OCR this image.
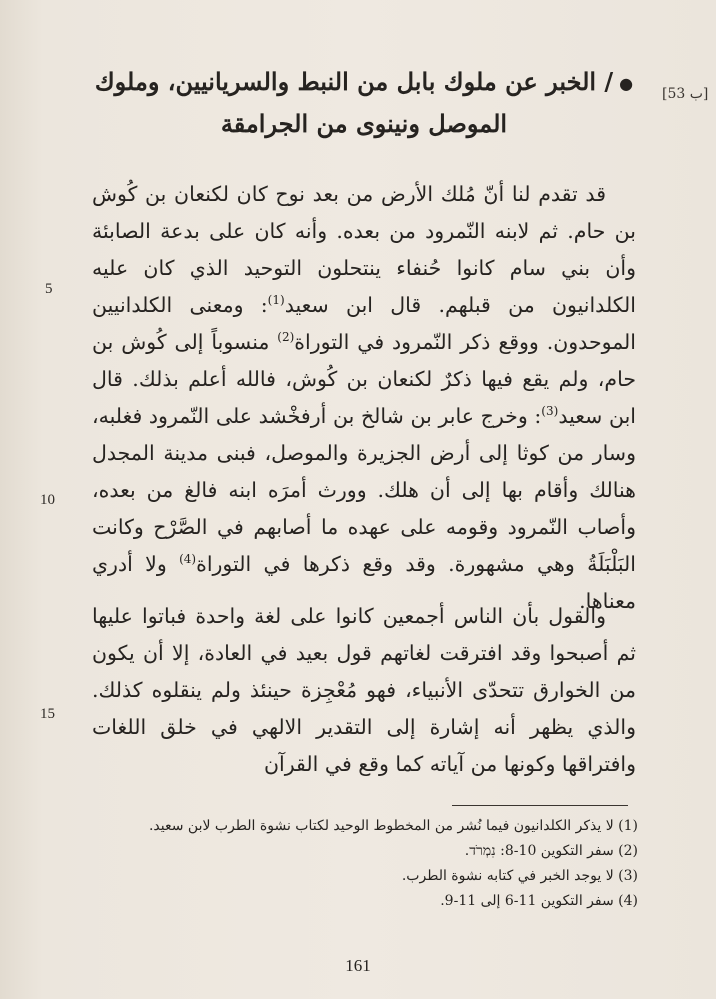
[53 ب]
●/ الخبر عن ملوك بابل من النبط والسريانيين، وملوك الموصل ونينوى من الجرامقة
قد تقدم لنا أنّ مُلك الأرض من بعد نوح كان لكنعان بن كُوش بن حام. ثم لابنه النّمرود من بعده. وأنه كان على بدعة الصابئة وأن بني سام كانوا حُنفاء ينتحلون التوحيد الذي كان عليه الكلدانيون من قبلهم. قال ابن سعيد$^{(1)}$: ومعنى الكلدانيين الموحدون. ووقع ذكر النّمرود في التوراة$^{(2)}$ منسوباً إلى كُوش بن حام، ولم يقع فيها ذكرٌ لكنعان بن كُوش، فالله أعلم بذلك. قال ابن سعيد$^{(3)}$: وخرج عابر بن شالخ بن أرفخْشد على النّمرود فغلبه، وسار من كوثا إلى أرض الجزيرة والموصل، فبنى مدينة المجدل هنالك وأقام بها إلى أن هلك. وورث أمرَه ابنه فالغ من بعده، وأصاب النّمرود وقومه على عهده ما أصابهم في الصَّرْح وكانت البَلْبَلَةُ وهي مشهورة. وقد وقع ذكرها في التوراة$^{(4)}$ ولا أدري معناها.
والقول بأن الناس أجمعين كانوا على لغة واحدة فباتوا عليها ثم أصبحوا وقد افترقت لغاتهم قول بعيد في العادة، إلا أن يكون من الخوارق تتحدّى الأنبياء، فهو مُعْجِزة حينئذ ولم ينقلوه كذلك. والذي يظهر أنه إشارة إلى التقدير الالهي في خلق اللغات وافتراقها وكونها من آياته كما وقع في القرآن
5
10
15
(1) لا يذكر الكلدانيون فيما نُشر من المخطوط الوحيد لكتاب نشوة الطرب لابن سعيد.
(2) سفر التكوين 10-8: נִמְרֹד.
(3) لا يوجد الخبر في كتابه نشوة الطرب.
(4) سفر التكوين 11-6 إلى 11-9.
161
